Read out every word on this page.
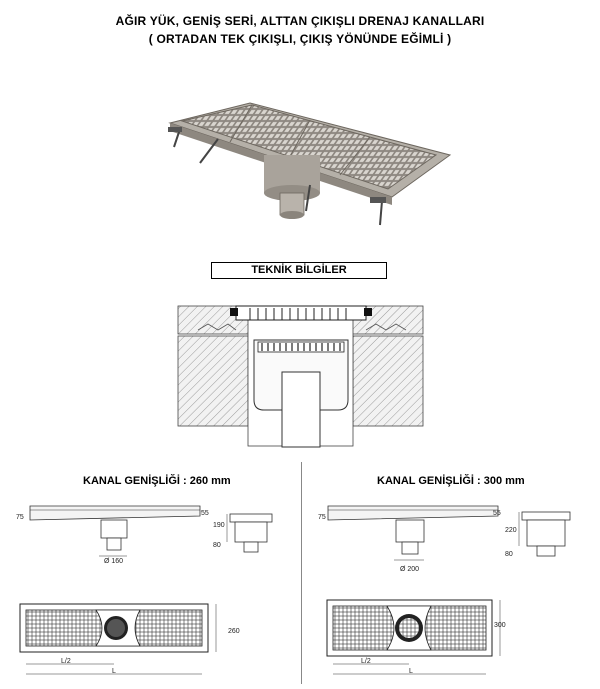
AĞIR YÜK, GENİŞ SERİ, ALTTAN ÇIKIŞLI DRENAJ KANALLARI
( ORTADAN TEK ÇIKIŞLI, ÇIKIŞ YÖNÜNDE EĞİMLİ )
TEKNİK BİLGİLER
KANAL GENİŞLİĞİ : 260 mm
75
55
190
80
Ø 160
260
L/2
L
KANAL GENİŞLİĞİ : 300 mm
75
55
220
80
Ø 200
300
L/2
L
